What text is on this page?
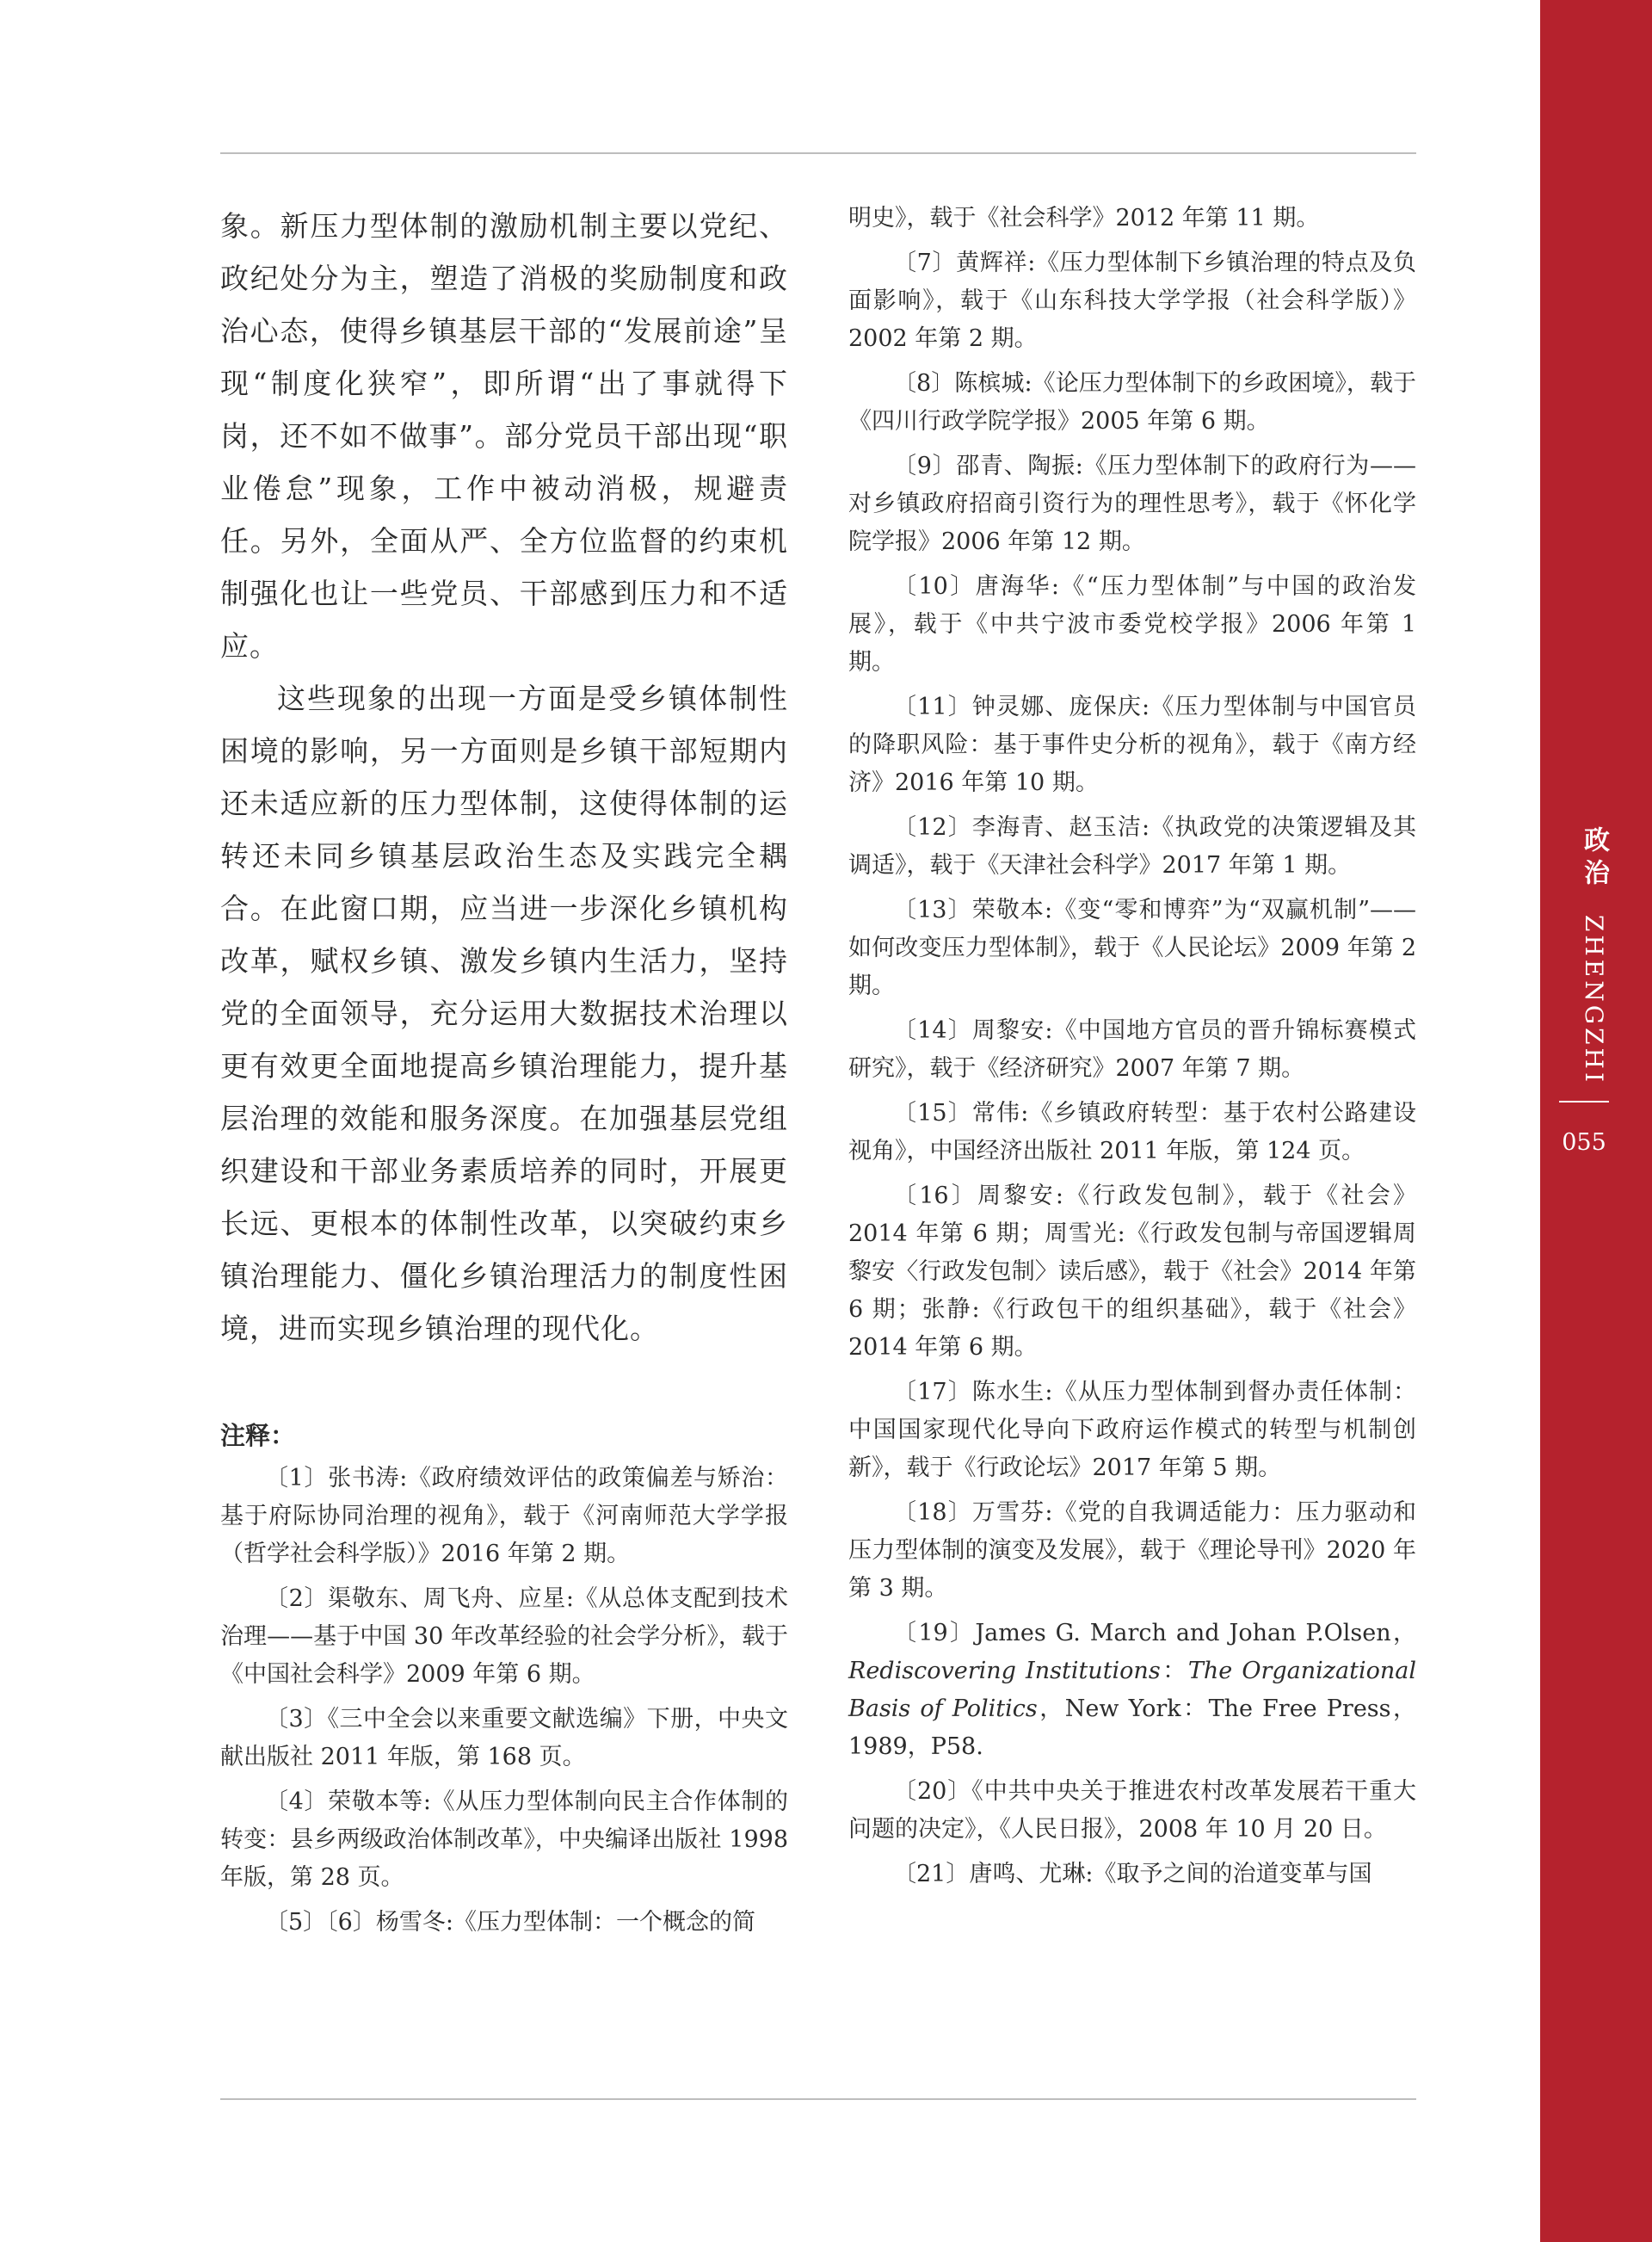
象。新压力型体制的激励机制主要以党纪、政纪处分为主，塑造了消极的奖励制度和政治心态，使得乡镇基层干部的“发展前途”呈现“制度化狭窄”，即所谓“出了事就得下岗，还不如不做事”。部分党员干部出现“职业倦怠”现象，工作中被动消极，规避责任。另外，全面从严、全方位监督的约束机制强化也让一些党员、干部感到压力和不适应。

这些现象的出现一方面是受乡镇体制性困境的影响，另一方面则是乡镇干部短期内还未适应新的压力型体制，这使得体制的运转还未同乡镇基层政治生态及实践完全耦合。在此窗口期，应当进一步深化乡镇机构改革，赋权乡镇、激发乡镇内生活力，坚持党的全面领导，充分运用大数据技术治理以更有效更全面地提高乡镇治理能力，提升基层治理的效能和服务深度。在加强基层党组织建设和干部业务素质培养的同时，开展更长远、更根本的体制性改革，以突破约束乡镇治理能力、僵化乡镇治理活力的制度性困境，进而实现乡镇治理的现代化。

注释：

〔1〕张书涛:《政府绩效评估的政策偏差与矫治：基于府际协同治理的视角》，载于《河南师范大学学报（哲学社会科学版）》2016 年第 2 期。

〔2〕渠敬东、周飞舟、应星:《从总体支配到技术治理——基于中国 30 年改革经验的社会学分析》，载于《中国社会科学》2009 年第 6 期。

〔3〕《三中全会以来重要文献选编》下册，中央文献出版社 2011 年版，第 168 页。

〔4〕荣敬本等:《从压力型体制向民主合作体制的转变：县乡两级政治体制改革》，中央编译出版社 1998 年版，第 28 页。

〔5〕〔6〕杨雪冬:《压力型体制：一个概念的简

明史》，载于《社会科学》2012 年第 11 期。

〔7〕黄辉祥:《压力型体制下乡镇治理的特点及负面影响》，载于《山东科技大学学报（社会科学版）》2002 年第 2 期。

〔8〕陈槟城:《论压力型体制下的乡政困境》，载于《四川行政学院学报》2005 年第 6 期。

〔9〕邵青、陶振:《压力型体制下的政府行为——对乡镇政府招商引资行为的理性思考》，载于《怀化学院学报》2006 年第 12 期。

〔10〕唐海华:《“压力型体制”与中国的政治发展》，载于《中共宁波市委党校学报》2006 年第 1 期。

〔11〕钟灵娜、庞保庆:《压力型体制与中国官员的降职风险：基于事件史分析的视角》，载于《南方经济》2016 年第 10 期。

〔12〕李海青、赵玉洁:《执政党的决策逻辑及其调适》，载于《天津社会科学》2017 年第 1 期。

〔13〕荣敬本:《变“零和博弈”为“双赢机制”——如何改变压力型体制》，载于《人民论坛》2009 年第 2 期。

〔14〕周黎安:《中国地方官员的晋升锦标赛模式研究》，载于《经济研究》2007 年第 7 期。

〔15〕常伟:《乡镇政府转型：基于农村公路建设视角》，中国经济出版社 2011 年版，第 124 页。

〔16〕周黎安:《行政发包制》，载于《社会》2014 年第 6 期；周雪光:《行政发包制与帝国逻辑周黎安〈行政发包制〉读后感》，载于《社会》2014 年第 6 期；张静:《行政包干的组织基础》，载于《社会》2014 年第 6 期。

〔17〕陈水生:《从压力型体制到督办责任体制：中国国家现代化导向下政府运作模式的转型与机制创新》，载于《行政论坛》2017 年第 5 期。

〔18〕万雪芬:《党的自我调适能力：压力驱动和压力型体制的演变及发展》，载于《理论导刊》2020 年第 3 期。

〔19〕James G. March and Johan P.Olsen，Rediscovering Institutions：The Organizational Basis of Politics，New York：The Free Press，1989，P58.

〔20〕《中共中央关于推进农村改革发展若干重大问题的决定》，《人民日报》，2008 年 10 月 20 日。

〔21〕唐鸣、尤琳:《取予之间的治道变革与国

政治 ZHENGZHI
055
